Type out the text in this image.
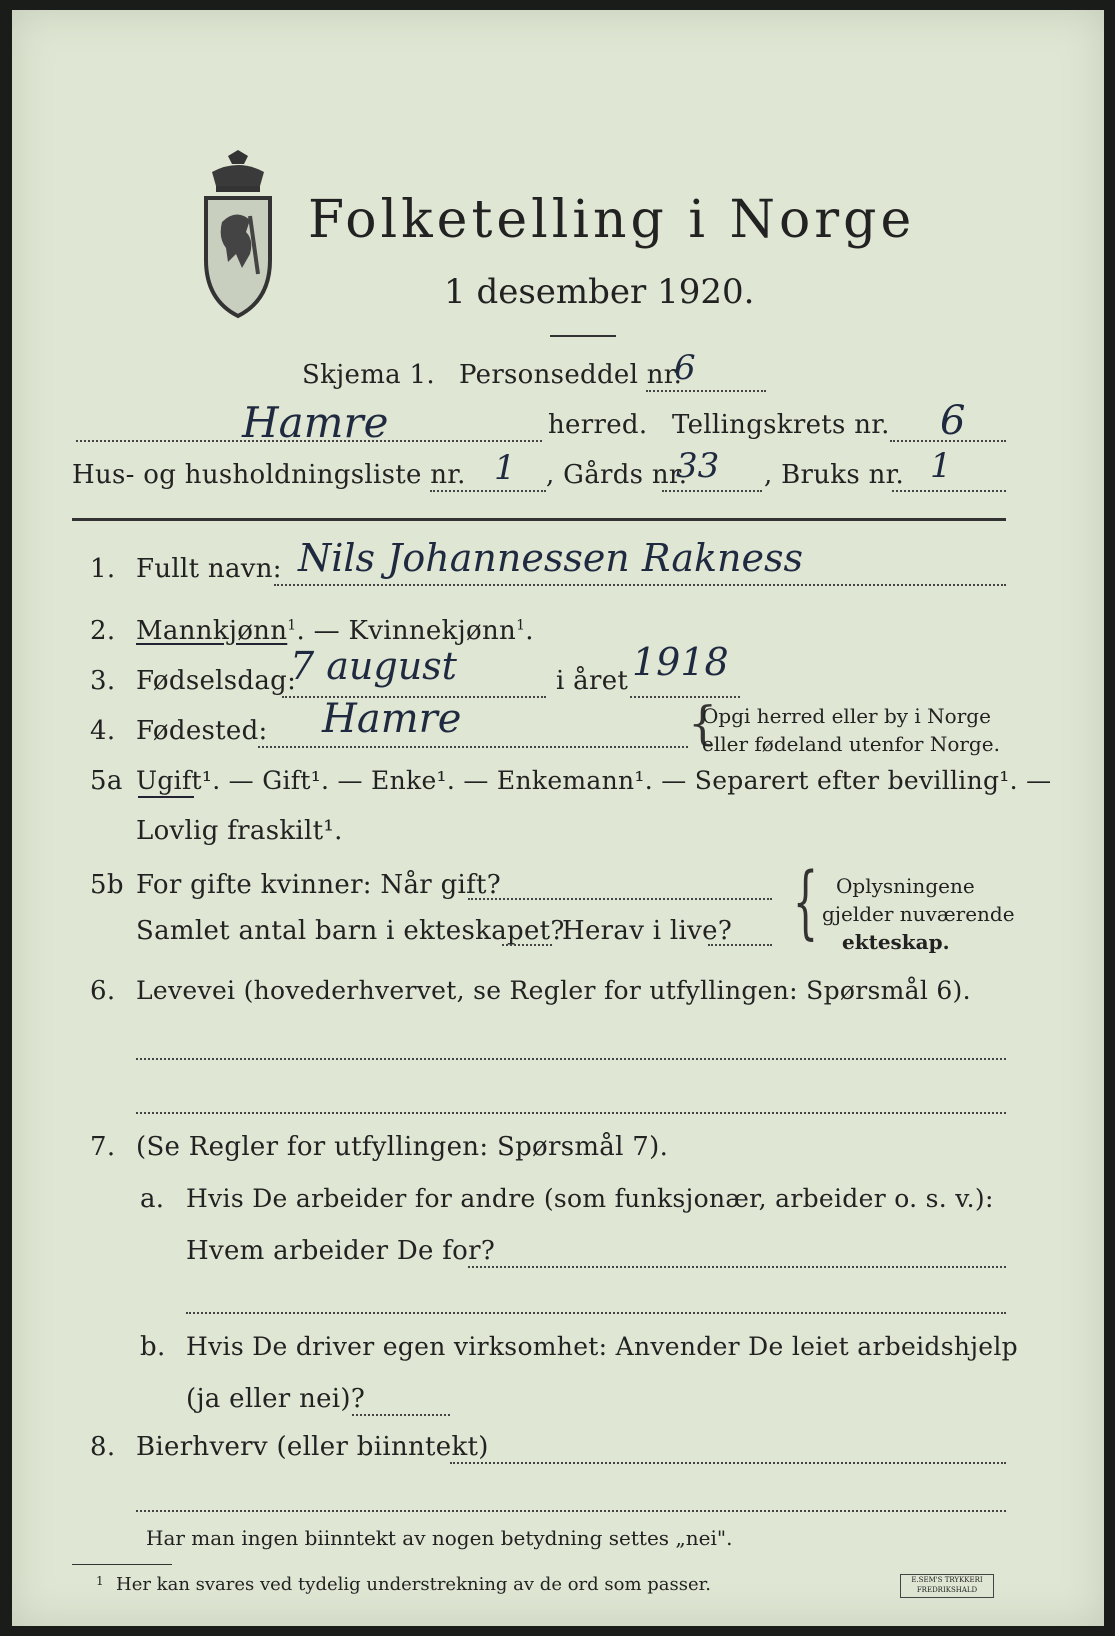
Folketelling i Norge
1 desember 1920.
Skjema 1. Personseddel nr.
6
Hamre	herred. Tellingskrets nr. 6
Hus- og husholdningsliste nr. 1 , Gårds nr.
33 , Bruks nr. 1
1. Fullt navn: Nils Johannessen Rakness
2. Mannkjønn$^1$. — Kvinnekjønn$^1$.
3. Fødselsdag:
7 august	i året 1918
4. Fødested: Hamre	{
Opgi herred eller by i Norge
eller fødeland utenfor Norge.
5a Ugift¹. — Gift¹. — Enke¹. — Enkemann¹. — Separert efter bevilling¹. —
Lovlig fraskilt¹.
5b For gifte kvinner: Når gift?
Samlet antal barn i ekteskapet?
Herav i live? { Oplysningene
gjelder nuværende
ekteskap.
6. Levevei (hovederhvervet, se Regler for utfyllingen: Spørsmål 6).
7. (Se Regler for utfyllingen: Spørsmål 7).
a. Hvis De arbeider for andre (som funksjonær, arbeider o. s. v.):
Hvem arbeider De for?
b. Hvis De driver egen virksomhet: Anvender De leiet arbeidshjelp
(ja eller nei)?
8. Bierhverv (eller biinntekt)
Har man ingen biinntekt av nogen betydning settes „nei".
1 Her kan svares ved tydelig understrekning av de ord som passer.	E.SEM'S TRYKKERI
FREDRIKSHALD
